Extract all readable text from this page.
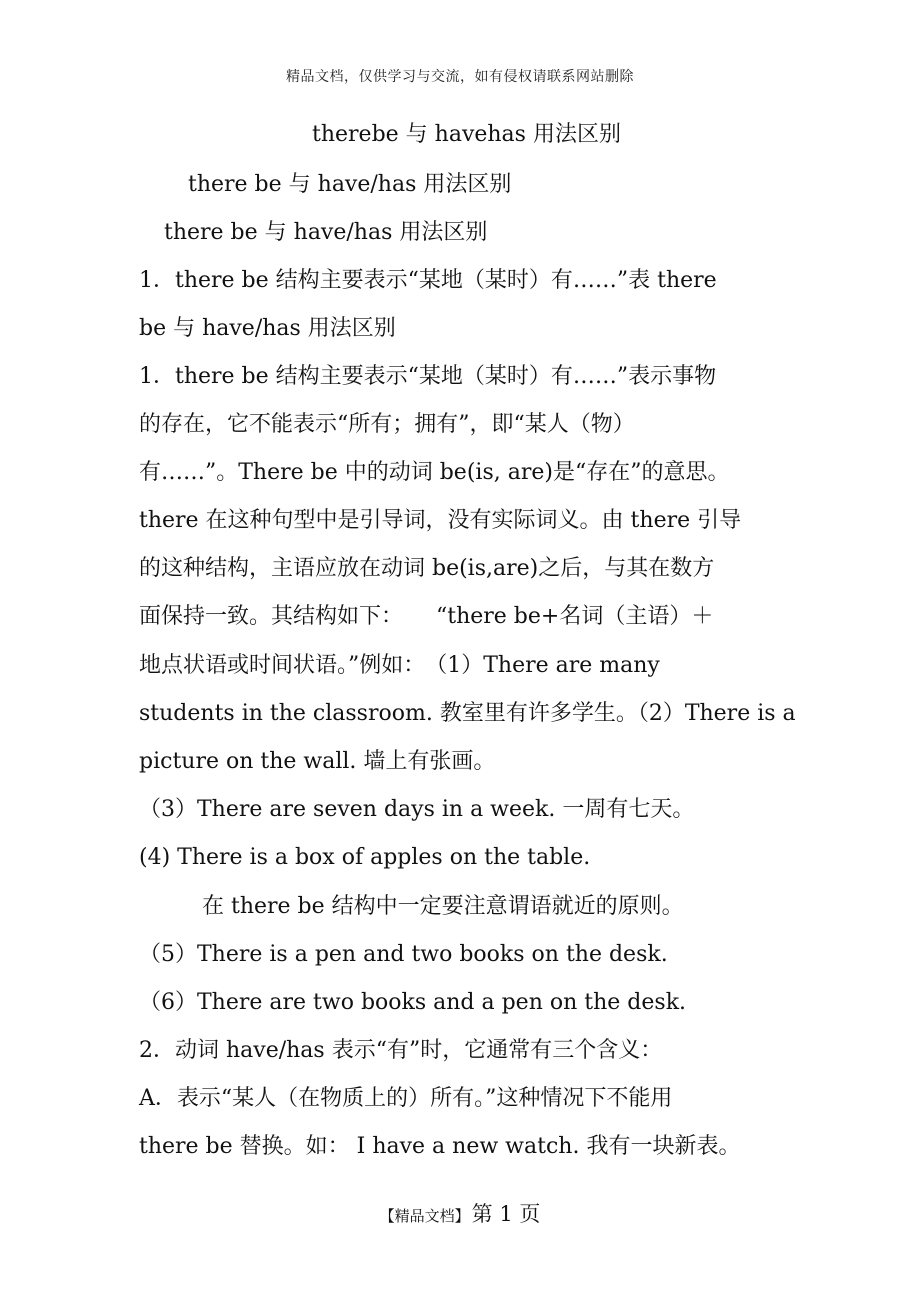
精品文档，仅供学习与交流，如有侵权请联系网站删除
therebe 与 havehas 用法区别
there be 与 have/has 用法区别
there be 与 have/has 用法区别
1．there be 结构主要表示“某地（某时）有……”表 there
be 与 have/has 用法区别
1．there be 结构主要表示“某地（某时）有……”表示事物
的存在，它不能表示“所有；拥有”，即“某人（物）
有……”。There be 中的动词 be(is, are)是“存在”的意思。
there 在这种句型中是引导词，没有实际词义。由 there 引导
的这种结构，主语应放在动词 be(is,are)之后，与其在数方
面保持一致。其结构如下：　　“there be+名词（主语）＋
地点状语或时间状语。”例如：　（1）There are many
students in the classroom. 教室里有许多学生。（2）There is a
picture on the wall. 墙上有张画。
（3）There are seven days in a week. 一周有七天。
(4) There is a box of apples on the table.
在 there be 结构中一定要注意谓语就近的原则。
（5）There is a pen and two books on the desk.
（6）There are two books and a pen on the desk.
2．动词 have/has 表示“有”时，它通常有三个含义：
A．表示“某人（在物质上的）所有。”这种情况下不能用
there be 替换。如： I have a new watch. 我有一块新表。
【精品文档】第 1 页
